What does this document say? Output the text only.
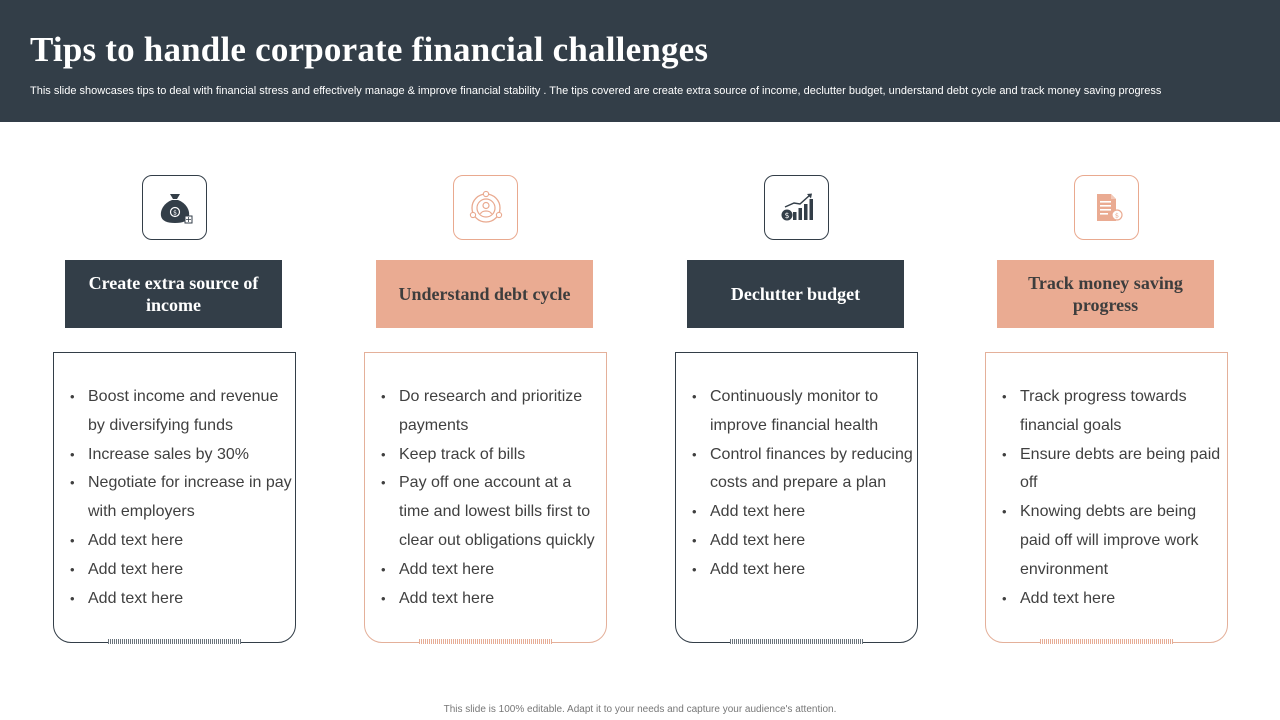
Tips to handle corporate financial challenges

This slide showcases tips to deal with financial stress and effectively manage & improve financial stability . The tips covered are create extra source of income, declutter budget, understand debt cycle and track money saving progress

$
Create extra source of income
• Boost income and revenue by diversifying funds
• Increase sales by 30%
• Negotiate for increase in pay with employers
• Add text here
• Add text here
• Add text here
Understand debt cycle
• Do research and prioritize payments
• Keep track of bills
• Pay off one account at a time and lowest bills first to clear out obligations quickly
• Add text here
• Add text here
$
Declutter budget
• Continuously monitor to improve financial health
• Control finances by reducing costs and prepare a plan
• Add text here
• Add text here
• Add text here
$
Track money saving progress
• Track progress towards financial goals
• Ensure debts are being paid off
• Knowing debts are being paid off will improve work environment
• Add text here
This slide is 100% editable. Adapt it to your needs and capture your audience's attention.
